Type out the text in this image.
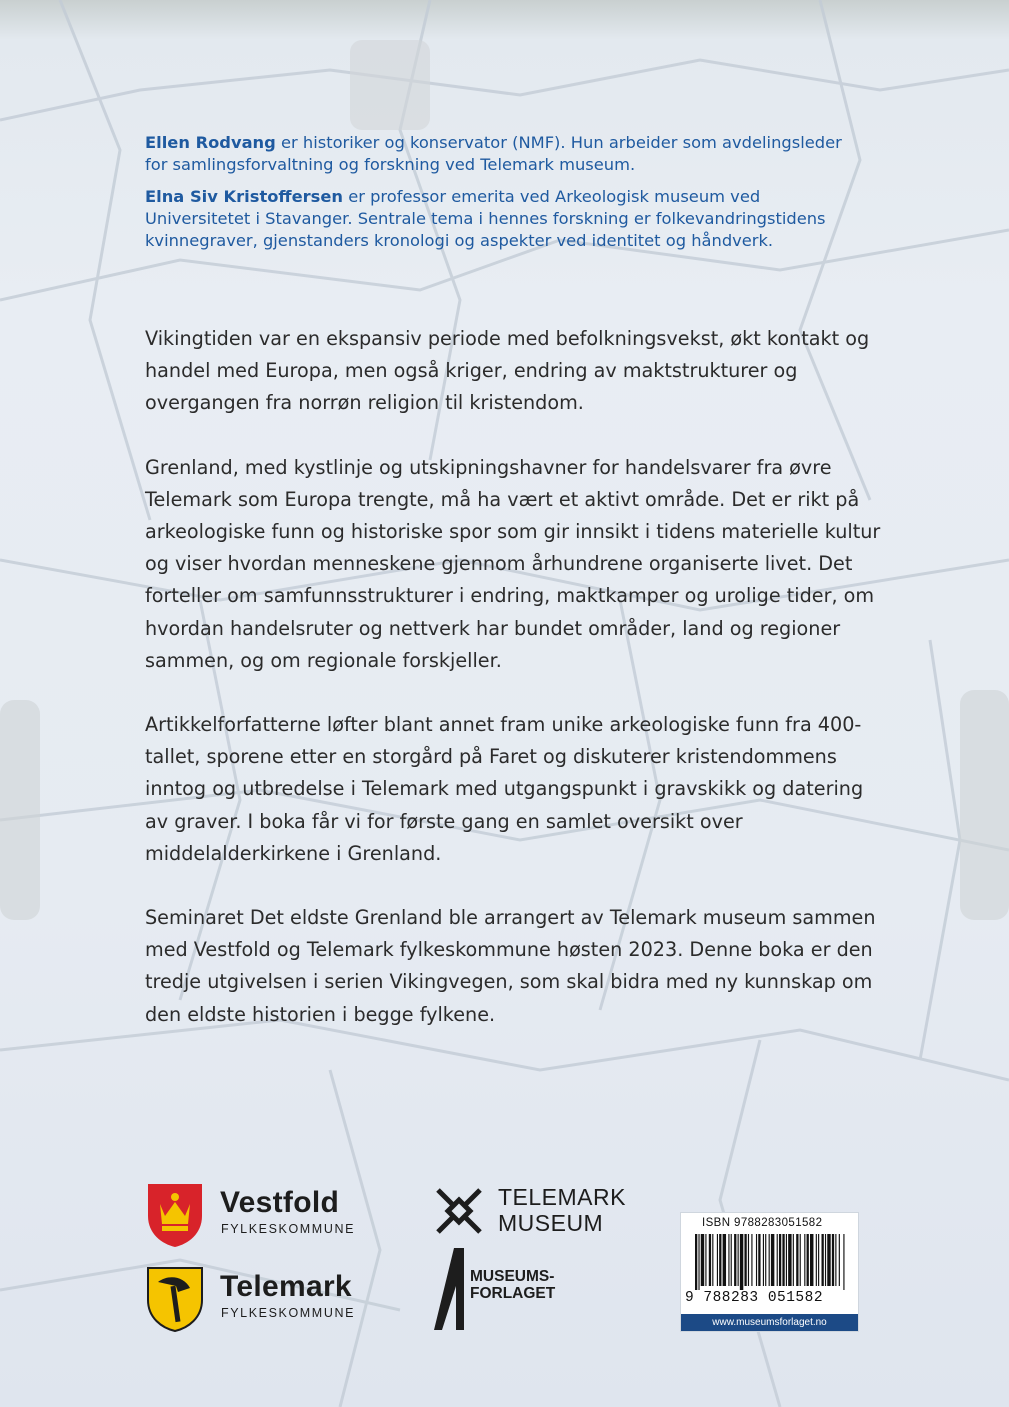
Ellen Rodvang er historiker og konservator (NMF). Hun arbeider som avdelingsleder for samlingsforvaltning og forskning ved Telemark museum.

Elna Siv Kristoffersen er professor emerita ved Arkeologisk museum ved Universitetet i Stavanger. Sentrale tema i hennes forskning er folkevandringstidens kvinnegraver, gjenstanders kronologi og aspekter ved identitet og håndverk.

Vikingtiden var en ekspansiv periode med befolkningsvekst, økt kontakt og handel med Europa, men også kriger, endring av maktstrukturer og overgangen fra norrøn religion til kristendom.

Grenland, med kystlinje og utskipningshavner for handelsvarer fra øvre Telemark som Europa trengte, må ha vært et aktivt område. Det er rikt på arkeologiske funn og historiske spor som gir innsikt i tidens materielle kultur og viser hvordan menneskene gjennom århundrene organiserte livet. Det forteller om samfunnsstrukturer i endring, maktkamper og urolige tider, om hvordan handelsruter og nettverk har bundet områder, land og regioner sammen, og om regionale forskjeller.

Artikkelforfatterne løfter blant annet fram unike arkeologiske funn fra 400-tallet, sporene etter en storgård på Faret og diskuterer kristendommens inntog og utbredelse i Telemark med utgangspunkt i gravskikk og datering av graver. I boka får vi for første gang en samlet oversikt over middelalderkirkene i Grenland.

Seminaret Det eldste Grenland ble arrangert av Telemark museum sammen med Vestfold og Telemark fylkeskommune høsten 2023. Denne boka er den tredje utgivelsen i serien Vikingvegen, som skal bidra med ny kunnskap om den eldste historien i begge fylkene.

Vestfold
FYLKESKOMMUNE
Telemark
FYLKESKOMMUNE
TELEMARK
MUSEUM
MUSEUMS-
FORLAGET
ISBN 9788283051582
9 788283 051582
www.museumsforlaget.no
